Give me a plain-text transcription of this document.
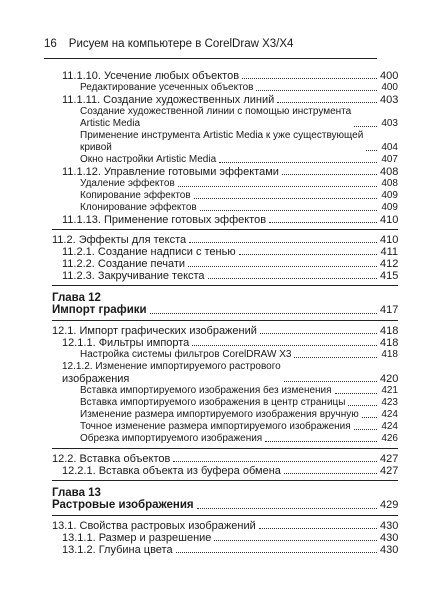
16 Рисуем на компьютере в CorelDraw X3/X4
11.1.10. Усечение любых объектов	400
Редактирование усеченных объектов	400
11.1.11. Создание художественных линий	403
Создание художественной линии с помощью инструмента
Artistic Media	403
Применение инструмента Artistic Media к уже существующей
кривой	404
Окно настройки Artistic Media	407
11.1.12. Управление готовыми эффектами	408
Удаление эффектов	408
Копирование эффектов	409
Клонирование эффектов	409
11.1.13. Применение готовых эффектов	410
11.2. Эффекты для текста	410
11.2.1. Создание надписи с тенью	411
11.2.2. Создание печати	412
11.2.3. Закручивание текста	415
Глава 12
Импорт графики	417
12.1. Импорт графических изображений	418
12.1.1. Фильтры импорта	418
Настройка системы фильтров CorelDRAW X3	418
12.1.2. Изменение импортируемого растрового
изображения	420
Вставка импортируемого изображения без изменения	421
Вставка импортируемого изображения в центр страницы	423
Изменение размера импортируемого изображения вручную 424
Точное изменение размера импортируемого изображения	424
Обрезка импортируемого изображения	426
12.2. Вставка объектов	427
12.2.1. Вставка объекта из буфера обмена	427
Глава 13
Растровые изображения	429
13.1. Свойства растровых изображений	430
13.1.1. Размер и разрешение	430
13.1.2. Глубина цвета	430
